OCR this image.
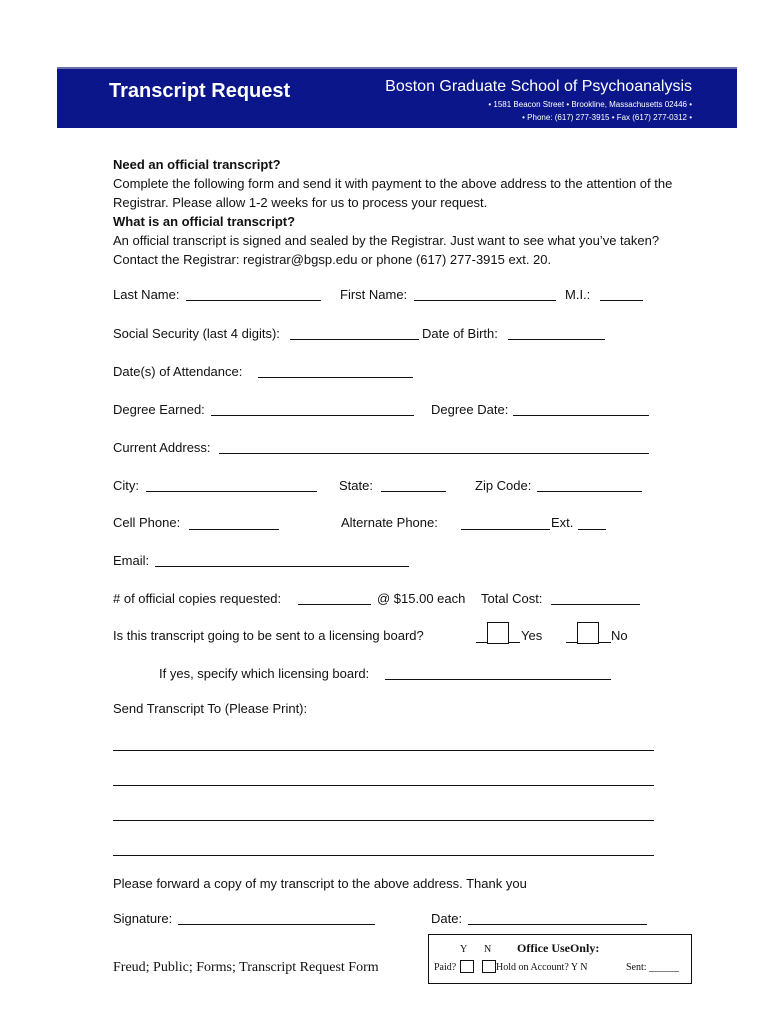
Transcript Request	Boston Graduate School of Psychoanalysis
• 1581 Beacon Street • Brookline, Massachusetts 02446 •
• Phone: (617) 277-3915 • Fax (617) 277-0312 •
Need an official transcript?

Complete the following form and send it with payment to the above address to the attention of the Registrar. Please allow 1-2 weeks for us to process your request.

What is an official transcript?

An official transcript is signed and sealed by the Registrar. Just want to see what you’ve taken? Contact the Registrar: registrar@bgsp.edu or phone (617) 277-3915 ext. 20.

Last Name:	First Name:	M.I.:
Social Security (last 4 digits):	Date of Birth:
Date(s) of Attendance:
Degree Earned:	Degree Date:
Current Address:
City:	State:	Zip Code:
Cell Phone:	Alternate Phone:	Ext.
Email:
# of official copies requested:	@ $15.00 each Total Cost:
Is this transcript going to be sent to a licensing board?	Yes	No
If yes, specify which licensing board:
Send Transcript To (Please Print):
Please forward a copy of my transcript to the above address. Thank you
Signature:	Date:
Freud; Public; Forms; Transcript Request Form
Y N Office UseOnly:
Paid?	Hold on Account? Y N	Sent: ______
